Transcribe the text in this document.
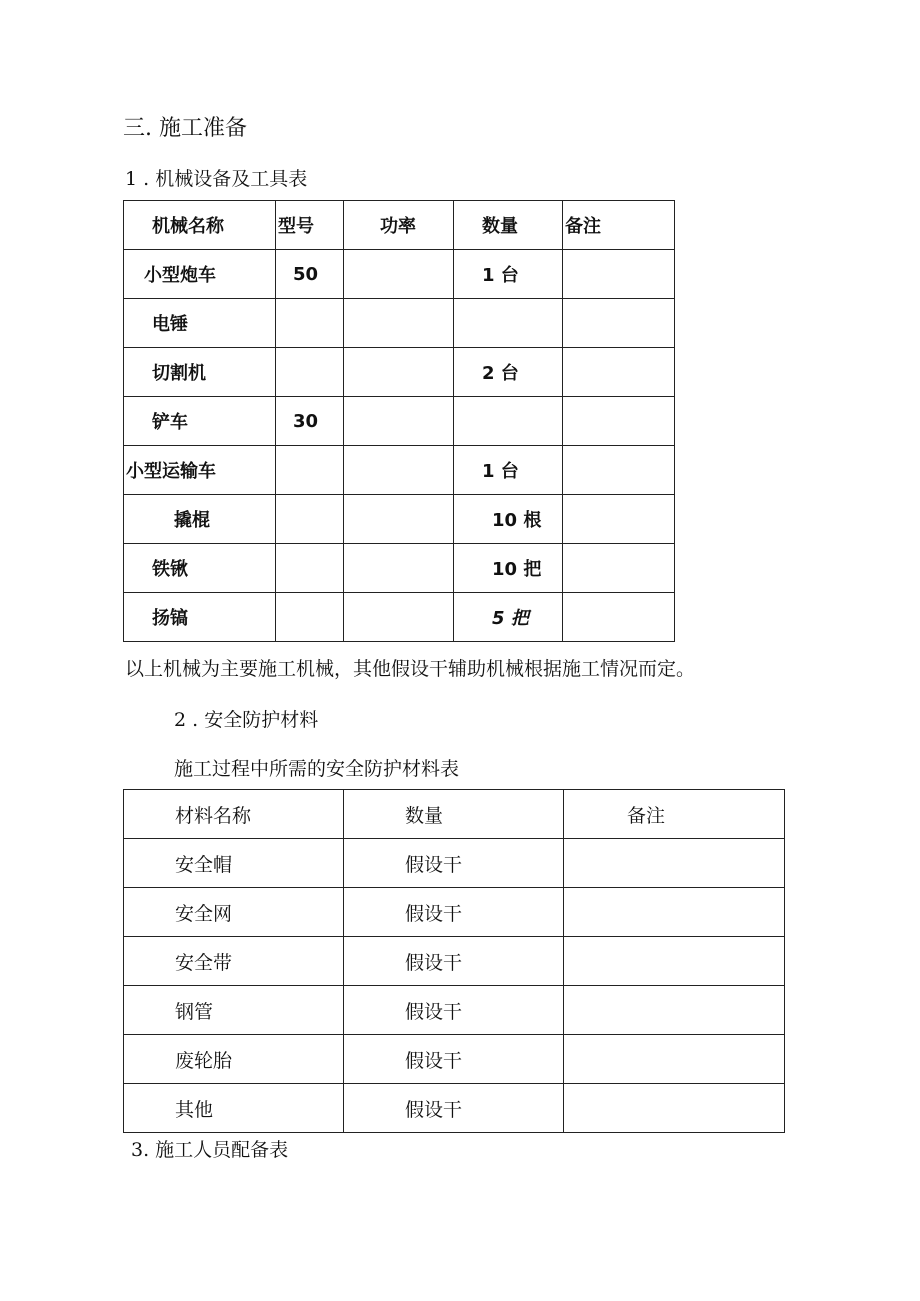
三. 施工准备
1 . 机械设备及工具表
机械名称	型号	功率	数量	备注
小型炮车	50		1 台	
电锤				
切割机			2 台	
铲车	30			
小型运输车			1 台	
撬棍			10 根	
铁锹			10 把	
扬镐			5 把	
以上机械为主要施工机械，其他假设干辅助机械根据施工情况而定。
2 . 安全防护材料
施工过程中所需的安全防护材料表
材料名称	数量	备注
安全帽	假设干	
安全网	假设干	
安全带	假设干	
钢管	假设干	
废轮胎	假设干	
其他	假设干	
3. 施工人员配备表
